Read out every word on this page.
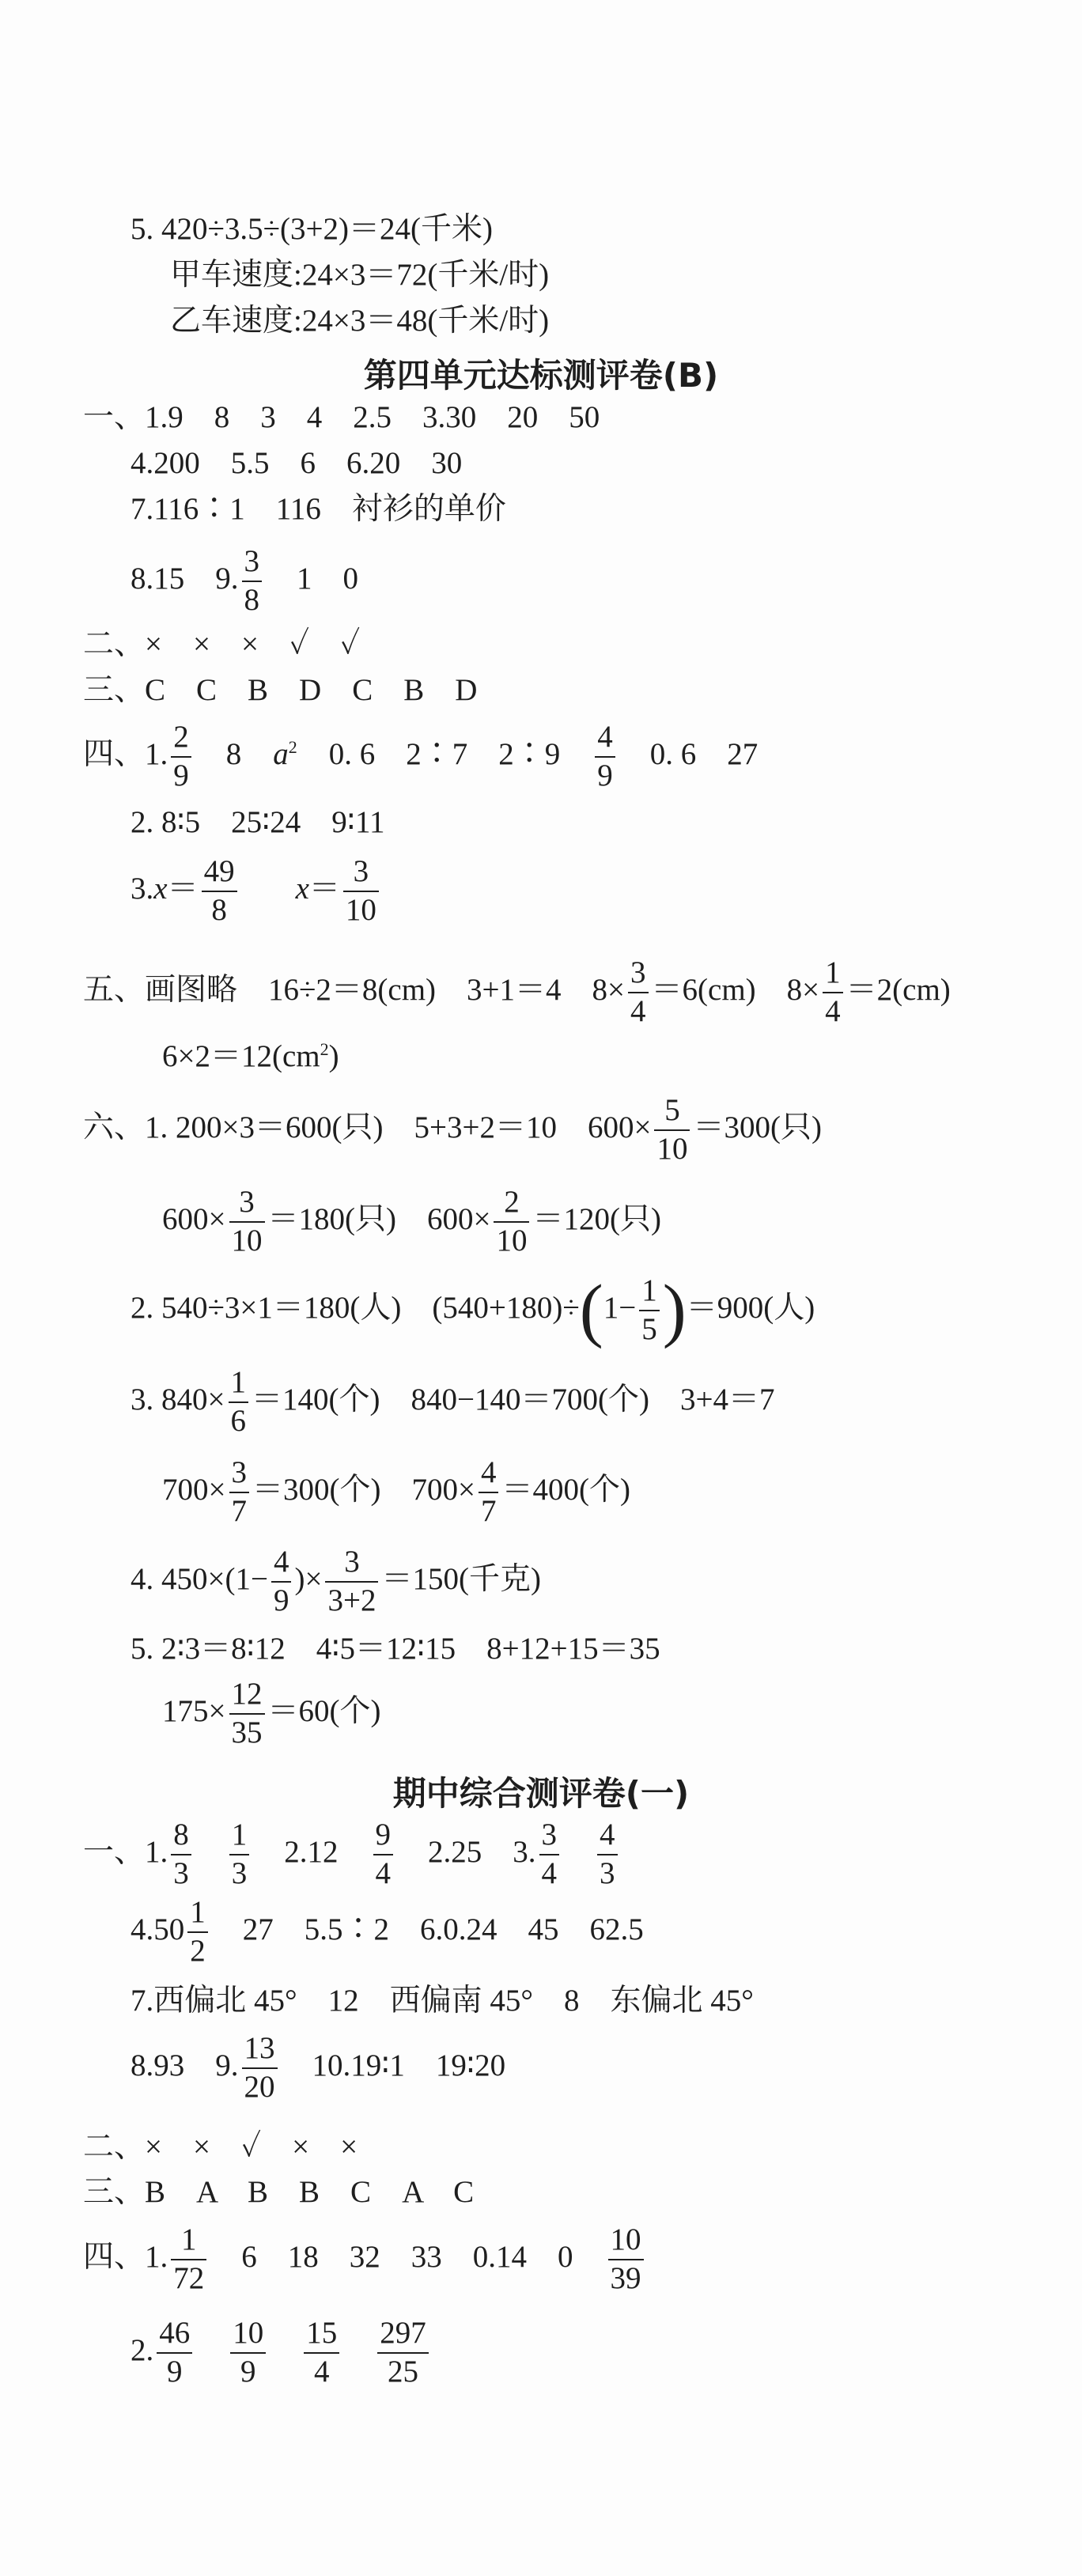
5. 420÷3.5÷(3+2)＝24(千米)
甲车速度:24×3＝72(千米/时)
乙车速度:24×3＝48(千米/时)
第四单元达标测评卷(B)
一、1.9　8　3　4　2.5　3.30　20　50
4.200　5.5　6　6.20　30
7.116∶1　116　衬衫的单价
8.15　9. $\frac{3}{8} 1$　0
二、×　×　×　✓　✓
三、C　C　B　D　C　B　D
四、1. $\frac{2}{9} 8$ $a^2$ 0. 6　2∶7　2∶9 $\frac{4}{9} 0$. 6　27
2. 8∶5　25∶24　9∶11
$3.x= \frac{49}{8} x= \frac{3}{10}$
五、画图略　16÷2＝8(cm)　3+1＝4　$8\times \frac{3}{4} =6(cm)$　$8\times \frac{1}{4} =2(cm)$
$6\times 2=12(cm^2)$
六、1. 200×3＝600(只)　5+3+2＝10　$600\times \frac{5}{10} =300$(只)
$600\times \frac{3}{10} =180$(只)　$600\times \frac{2}{10} =120$(只)
2. 540÷3×1＝180(人)　$(540+180)\div(1- \frac{1}{5} )=900$(人)
3. $840\times \frac{1}{6} =140$(个)　840−140＝700(个)　3+4＝7
$700\times \frac{3}{7} =300$(个)　$700\times \frac{4}{7} =400$(个)
4. $450\times(1- \frac{4}{9}$ )× $\frac{3}{3+2} =150$(千克)
5. 2∶3＝8∶12　4∶5＝12∶15　8+12+15＝35
$175\times \frac{12}{35} =60$(个)
期中综合测评卷(一)
一、1. $\frac{8}{3} \frac{1}{3} 2.12 \frac{9}{4} 2.25$　3. $\frac{3}{4} \frac{4}{3}$
$4.50 \frac{1}{2} 27$　5.5∶2　6.0.24　45　62.5
7.西偏北 45°　12　西偏南 45°　8　东偏北 45°
8.93　9. $\frac{13}{20}$ 10.19∶1　19∶20
二、×　×　✓　×　×
三、B　A　B　B　C　A　C
四、1. $\frac{1}{72} 6$　18　32　33　0.14　$0 \frac{10}{39}$
2. $\frac{46}{9} \frac{10}{9} \frac{15}{4} \frac{297}{25}$
